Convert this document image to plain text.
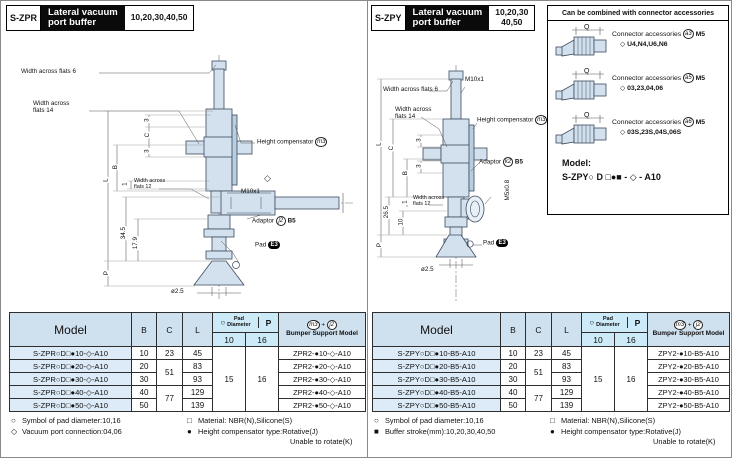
S-ZPR
Lateral vacuum
port buffer	10,20,30,40,50	S-ZPY
Lateral vacuum
port buffer
10,20,30
40,50
Can be combined with connector accessories
Q
Connector accessories a3 M5
◇ U4,N4,U6,N6
Q
Connector accessories a5 M5
◇ 03,23,04,06
Q
Connector accessories a6 M5
◇ 03S,23S,04S,06S
Model:
S-ZPY○ D □●■ - ◇ - A10
Width across flats 6
Width across
flats 14
Height compensator m3
M10x1
Width across
flats 12
Adaptor j2 B5
Pad E3
ø2.5
◇
L
P
B
34.5
17.9
3
C
3
1
Width across flats 6
M10x1
Width across
flats 14
Height compensator m3
Adaptor k2 B5
M5x0.8
Width across
flats 12
Pad E3
ø2.5
L
P
C
26.5
B
10
1
3
3
Model	B	C	L	
○	Pad
Diameter	P	m3 + j2
Bumper Support Model

				10	16	
S-ZPR○D□●10-◇-A10	10	23	45	15	16	ZPR2-●10-◇-A10
S-ZPR○D□●20-◇-A10	20	51	83			ZPR2-●20-◇-A10
S-ZPR○D□●30-◇-A10	30		93			ZPR2-●30-◇-A10
S-ZPR○D□●40-◇-A10	40	77	129			ZPR2-●40-◇-A10
S-ZPR○D□●50-◇-A10	50		139			ZPR2-●50-◇-A10
Model	B	C	L	
○	Pad
Diameter	P	m3 + j2
Bumper Support Model

				10	16	
S-ZPY○D□●10-B5-A10	10	23	45	15	16	ZPY2-●10-B5-A10
S-ZPY○D□●20-B5-A10	20	51	83			ZPY2-●20-B5-A10
S-ZPY○D□●30-B5-A10	30		93			ZPY2-●30-B5-A10
S-ZPY○D□●40-B5-A10	40	77	129			ZPY2-●40-B5-A10
S-ZPY○D□●50-B5-A10	50		139			ZPY2-●50-B5-A10
○ Symbol of pad diameter:10,16
◇ Vacuum port connection:04,06
□ Material: NBR(N),Silicone(S)
● Height compensator type:Rotative(J)
Unable to rotate(K)
○ Symbol of pad diameter:10,16
■ Buffer stroke(mm):10,20,30,40,50
□ Material: NBR(N),Silicone(S)
● Height compensator type:Rotative(J)
Unable to rotate(K)
